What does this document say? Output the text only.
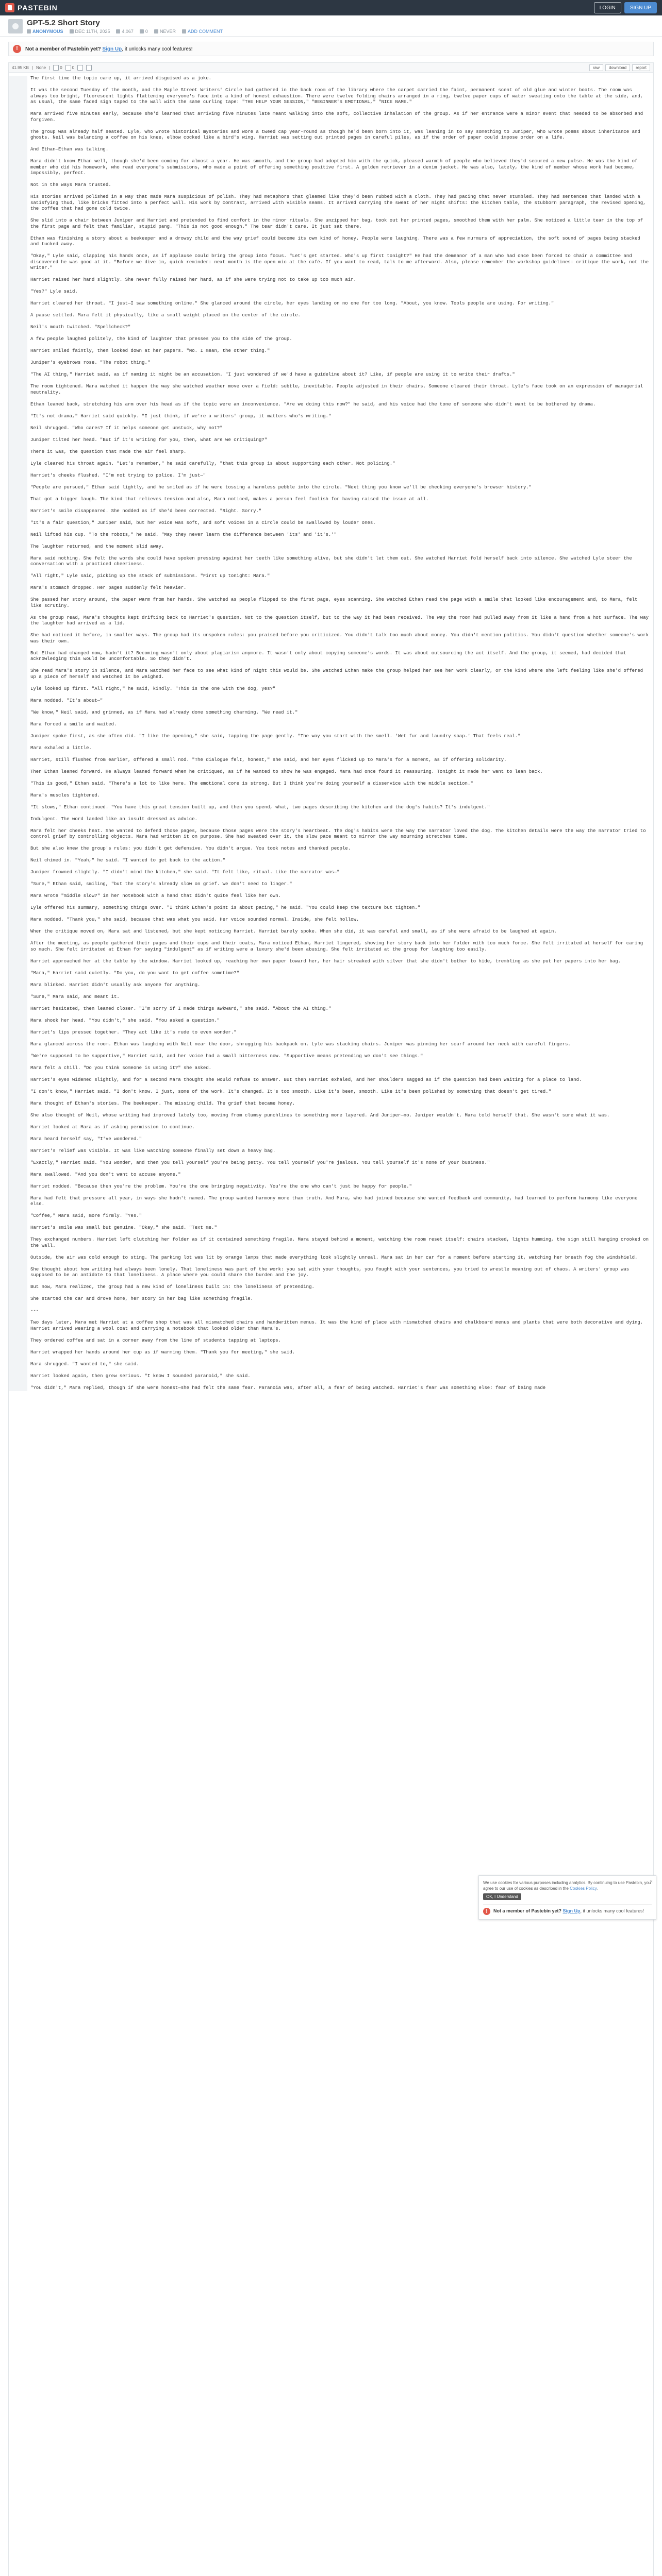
PASTEBIN	LOGIN	SIGN UP
GPT-5.2 Short Story
ANONYMOUS	DEC 11TH, 2025	4,067	0	NEVER	ADD COMMENT
!
Not a member of Pastebin yet? Sign Up, it unlocks many cool features!
41.95 KB | None | 0 0	raw	download	report
The first time the topic came up, it arrived disguised as a joke.
It was the second Tuesday of the month, and the Maple Street Writers' Circle had gathered in the back room of the library where the carpet carried the faint, permanent scent of old glue and winter boots. The room was always too bright, fluorescent lights flattening everyone's face into a kind of honest exhaustion. There were twelve folding chairs arranged in a ring, twelve paper cups of water sweating onto the table at the side, and, as usual, the same faded sign taped to the wall with the same curling tape: "THE HELP YOUR SESSION," "BEGINNER'S EMOTIONAL," "NICE NAME."
Mara arrived five minutes early, because she'd learned that arriving five minutes late meant walking into the soft, collective inhalation of the group. As if her entrance were a minor event that needed to be absorbed and forgiven.
The group was already half seated. Lyle, who wrote historical mysteries and wore a tweed cap year-round as though he'd been born into it, was leaning in to say something to Juniper, who wrote poems about inheritance and ghosts. Neil was balancing a coffee on his knee, elbow cocked like a bird's wing. Harriet was setting out printed pages in careful piles, as if the order of paper could impose order on a life.
And Ethan—Ethan was talking.
Mara didn't know Ethan well, though she'd been coming for almost a year. He was smooth, and the group had adopted him with the quick, pleased warmth of people who believed they'd secured a new pulse. He was the kind of member who did his homework, who read everyone's submissions, who made a point of offering something positive first. A golden retriever in a denim jacket. He was also, lately, the kind of member whose work had become, impossibly, perfect.
Not in the ways Mara trusted.
His stories arrived polished in a way that made Mara suspicious of polish. They had metaphors that gleamed like they'd been rubbed with a cloth. They had pacing that never stumbled. They had sentences that landed with a satisfying thud, like bricks fitted into a perfect wall. His work by contrast, arrived with visible seams. It arrived carrying the sweat of her night shifts: the kitchen table, the stubborn paragraph, the revised opening, the coffee that had gone cold twice.
She slid into a chair between Juniper and Harriet and pretended to find comfort in the minor rituals. She unzipped her bag, took out her printed pages, smoothed them with her palm. She noticed a little tear in the top of the first page and felt that familiar, stupid pang. "This is not good enough." The tear didn't care. It just sat there.
Ethan was finishing a story about a beekeeper and a drowsy child and the way grief could become its own kind of honey. People were laughing. There was a few murmurs of appreciation, the soft sound of pages being stacked and tucked away.
"Okay," Lyle said, clapping his hands once, as if applause could bring the group into focus. "Let's get started. Who's up first tonight?" He had the demeanor of a man who had once been forced to chair a committee and discovered he was good at it. "Before we dive in, quick reminder: next month is the open mic at the café. If you want to read, talk to me afterward. Also, please remember the workshop guidelines: critique the work, not the writer."
Harriet raised her hand slightly. She never fully raised her hand, as if she were trying not to take up too much air.
"Yes?" Lyle said.
Harriet cleared her throat. "I just—I saw something online." She glanced around the circle, her eyes landing on no one for too long. "About, you know. Tools people are using. For writing."
A pause settled. Mara felt it physically, like a small weight placed on the center of the circle.
Neil's mouth twitched. "Spellcheck?"
A few people laughed politely, the kind of laughter that presses you to the side of the group.
Harriet smiled faintly, then looked down at her papers. "No. I mean, the other thing."
Juniper's eyebrows rose. "The robot thing."
"The AI thing," Harriet said, as if naming it might be an accusation. "I just wondered if we'd have a guideline about it? Like, if people are using it to write their drafts."
The room tightened. Mara watched it happen the way she watched weather move over a field: subtle, inevitable. People adjusted in their chairs. Someone cleared their throat. Lyle's face took on an expression of managerial neutrality.
Ethan leaned back, stretching his arm over his head as if the topic were an inconvenience. "Are we doing this now?" he said, and his voice had the tone of someone who didn't want to be bothered by drama.
"It's not drama," Harriet said quickly. "I just think, if we're a writers' group, it matters who's writing."
Neil shrugged. "Who cares? If it helps someone get unstuck, why not?"
Juniper tilted her head. "But if it's writing for you, then, what are we critiquing?"
There it was, the question that made the air feel sharp.
Lyle cleared his throat again. "Let's remember," he said carefully, "that this group is about supporting each other. Not policing."
Harriet's cheeks flushed. "I'm not trying to police. I'm just—"
"People are pursued," Ethan said lightly, and he smiled as if he were tossing a harmless pebble into the circle. "Next thing you know we'll be checking everyone's browser history."
That got a bigger laugh. The kind that relieves tension and also, Mara noticed, makes a person feel foolish for having raised the issue at all.
Harriet's smile disappeared. She nodded as if she'd been corrected. "Right. Sorry."
"It's a fair question," Juniper said, but her voice was soft, and soft voices in a circle could be swallowed by louder ones.
Neil lifted his cup. "To the robots," he said. "May they never learn the difference between 'its' and 'it's.'"
The laughter returned, and the moment slid away.
Mara said nothing. She felt the words she could have spoken pressing against her teeth like something alive, but she didn't let them out. She watched Harriet fold herself back into silence. She watched Lyle steer the conversation with a practiced cheeriness.
"All right," Lyle said, picking up the stack of submissions. "First up tonight: Mara."
Mara's stomach dropped. Her pages suddenly felt heavier.
She passed her story around, the paper warm from her hands. She watched as people flipped to the first page, eyes scanning. She watched Ethan read the page with a smile that looked like encouragement and, to Mara, felt like scrutiny.
As the group read, Mara's thoughts kept drifting back to Harriet's question. Not to the question itself, but to the way it had been received. The way the room had pulled away from it like a hand from a hot surface. The way the laughter had arrived as a lid.
She had noticed it before, in smaller ways. The group had its unspoken rules: you praised before you criticized. You didn't talk too much about money. You didn't mention politics. You didn't question whether someone's work was their own.
But Ethan had changed now, hadn't it? Becoming wasn't only about plagiarism anymore. It wasn't only about copying someone's words. It was about outsourcing the act itself. And the group, it seemed, had decided that acknowledging this would be uncomfortable. So they didn't.
She read Mara's story in silence, and Mara watched her face to see what kind of night this would be. She watched Ethan make the group helped her see her work clearly, or the kind where she left feeling like she'd offered up a piece of herself and watched it be weighed.
Lyle looked up first. "All right," he said, kindly. "This is the one with the dog, yes?"
Mara nodded. "It's about—"
"We know," Neil said, and grinned, as if Mara had already done something charming. "We read it."
Mara forced a smile and waited.
Juniper spoke first, as she often did. "I like the opening," she said, tapping the page gently. "The way you start with the smell. 'Wet fur and laundry soap.' That feels real."
Mara exhaled a little.
Harriet, still flushed from earlier, offered a small nod. "The dialogue felt, honest," she said, and her eyes flicked up to Mara's for a moment, as if offering solidarity.
Then Ethan leaned forward. He always leaned forward when he critiqued, as if he wanted to show he was engaged. Mara had once found it reassuring. Tonight it made her want to lean back.
"This is good," Ethan said. "There's a lot to like here. The emotional core is strong. But I think you're doing yourself a disservice with the middle section."
Mara's muscles tightened.
"It slows," Ethan continued. "You have this great tension built up, and then you spend, what, two pages describing the kitchen and the dog's habits? It's indulgent."
Indulgent. The word landed like an insult dressed as advice.
Mara felt her cheeks heat. She wanted to defend those pages, because those pages were the story's heartbeat. The dog's habits were the way the narrator loved the dog. The kitchen details were the way the narrator tried to control grief by controlling objects. Mara had written it on purpose. She had sweated over it, the slow pace meant to mirror the way mourning stretches time.
But she also knew the group's rules: you didn't get defensive. You didn't argue. You took notes and thanked people.
Neil chimed in. "Yeah," he said. "I wanted to get back to the action."
Juniper frowned slightly. "I didn't mind the kitchen," she said. "It felt like, ritual. Like the narrator was—"
"Sure," Ethan said, smiling, "but the story's already slow on grief. We don't need to linger."
Mara wrote "middle slow?" in her notebook with a hand that didn't quite feel like her own.
Lyle offered his summary, something things over. "I think Ethan's point is about pacing," he said. "You could keep the texture but tighten."
Mara nodded. "Thank you," she said, because that was what you said. Her voice sounded normal. Inside, she felt hollow.
When the critique moved on, Mara sat and listened, but she kept noticing Harriet. Harriet barely spoke. When she did, it was careful and small, as if she were afraid to be laughed at again.
After the meeting, as people gathered their pages and their cups and their coats, Mara noticed Ethan, Harriet lingered, shoving her story back into her folder with too much force. She felt irritated at herself for caring so much. She felt irritated at Ethan for saying "indulgent" as if writing were a luxury she'd been abusing. She felt irritated at the group for laughing too easily.
Harriet approached her at the table by the window. Harriet looked up, reaching her own paper toward her, her hair streaked with silver that she didn't bother to hide, trembling as she put her papers into her bag.
"Mara," Harriet said quietly. "Do you, do you want to get coffee sometime?"
Mara blinked. Harriet didn't usually ask anyone for anything.
"Sure," Mara said, and meant it.
Harriet hesitated, then leaned closer. "I'm sorry if I made things awkward," she said. "About the AI thing."
Mara shook her head. "You didn't," she said. "You asked a question."
Harriet's lips pressed together. "They act like it's rude to even wonder."
Mara glanced across the room. Ethan was laughing with Neil near the door, shrugging his backpack on. Lyle was stacking chairs. Juniper was pinning her scarf around her neck with careful fingers.
"We're supposed to be supportive," Harriet said, and her voice had a small bitterness now. "Supportive means pretending we don't see things."
Mara felt a chill. "Do you think someone is using it?" she asked.
Harriet's eyes widened slightly, and for a second Mara thought she would refuse to answer. But then Harriet exhaled, and her shoulders sagged as if the question had been waiting for a place to land.
"I don't know," Harriet said. "I don't know. I just, some of the work. It's changed. It's too smooth. Like it's been, smooth. Like it's been polished by something that doesn't get tired."
Mara thought of Ethan's stories. The beekeeper. The missing child. The grief that became honey.
She also thought of Neil, whose writing had improved lately too, moving from clumsy punchlines to something more layered. And Juniper—no. Juniper wouldn't. Mara told herself that. She wasn't sure what it was.
Harriet looked at Mara as if asking permission to continue.
Mara heard herself say, "I've wondered."
Harriet's relief was visible. It was like watching someone finally set down a heavy bag.
"Exactly," Harriet said. "You wonder, and then you tell yourself you're being petty. You tell yourself you're jealous. You tell yourself it's none of your business."
Mara swallowed. "And you don't want to accuse anyone."
Harriet nodded. "Because then you're the problem. You're the one bringing negativity. You're the one who can't just be happy for people."
Mara had felt that pressure all year, in ways she hadn't named. The group wanted harmony more than truth. And Mara, who had joined because she wanted feedback and community, had learned to perform harmony like everyone else.
"Coffee," Mara said, more firmly. "Yes."
Harriet's smile was small but genuine. "Okay," she said. "Text me."
They exchanged numbers. Harriet left clutching her folder as if it contained something fragile. Mara stayed behind a moment, watching the room reset itself: chairs stacked, lights humming, the sign still hanging crooked on the wall.
Outside, the air was cold enough to sting. The parking lot was lit by orange lamps that made everything look slightly unreal. Mara sat in her car for a moment before starting it, watching her breath fog the windshield.
She thought about how writing had always been lonely. That loneliness was part of the work: you sat with your thoughts, you fought with your sentences, you tried to wrestle meaning out of chaos. A writers' group was supposed to be an antidote to that loneliness. A place where you could share the burden and the joy.
But now, Mara realized, the group had a new kind of loneliness built in: the loneliness of pretending.
She started the car and drove home, her story in her bag like something fragile.
---
Two days later, Mara met Harriet at a coffee shop that was all mismatched chairs and handwritten menus. It was the kind of place with mismatched chairs and chalkboard menus and plants that were both decorative and dying. Harriet arrived wearing a wool coat and carrying a notebook that looked older than Mara's.
They ordered coffee and sat in a corner away from the line of students tapping at laptops.
Harriet wrapped her hands around her cup as if warming them. "Thank you for meeting," she said.
Mara shrugged. "I wanted to," she said.
Harriet looked again, then grew serious. "I know I sounded paranoid," she said.
"You didn't," Mara replied, though if she were honest—she had felt the same fear. Paranoia was, after all, a fear of being watched. Harriet's fear was something else: fear of being made
×
We use cookies for various purposes including analytics. By continuing to use Pastebin, you agree to our use of cookies as described in the Cookies Policy.
OK, I Understand
!
Not a member of Pastebin yet? Sign Up, it unlocks many cool features!
